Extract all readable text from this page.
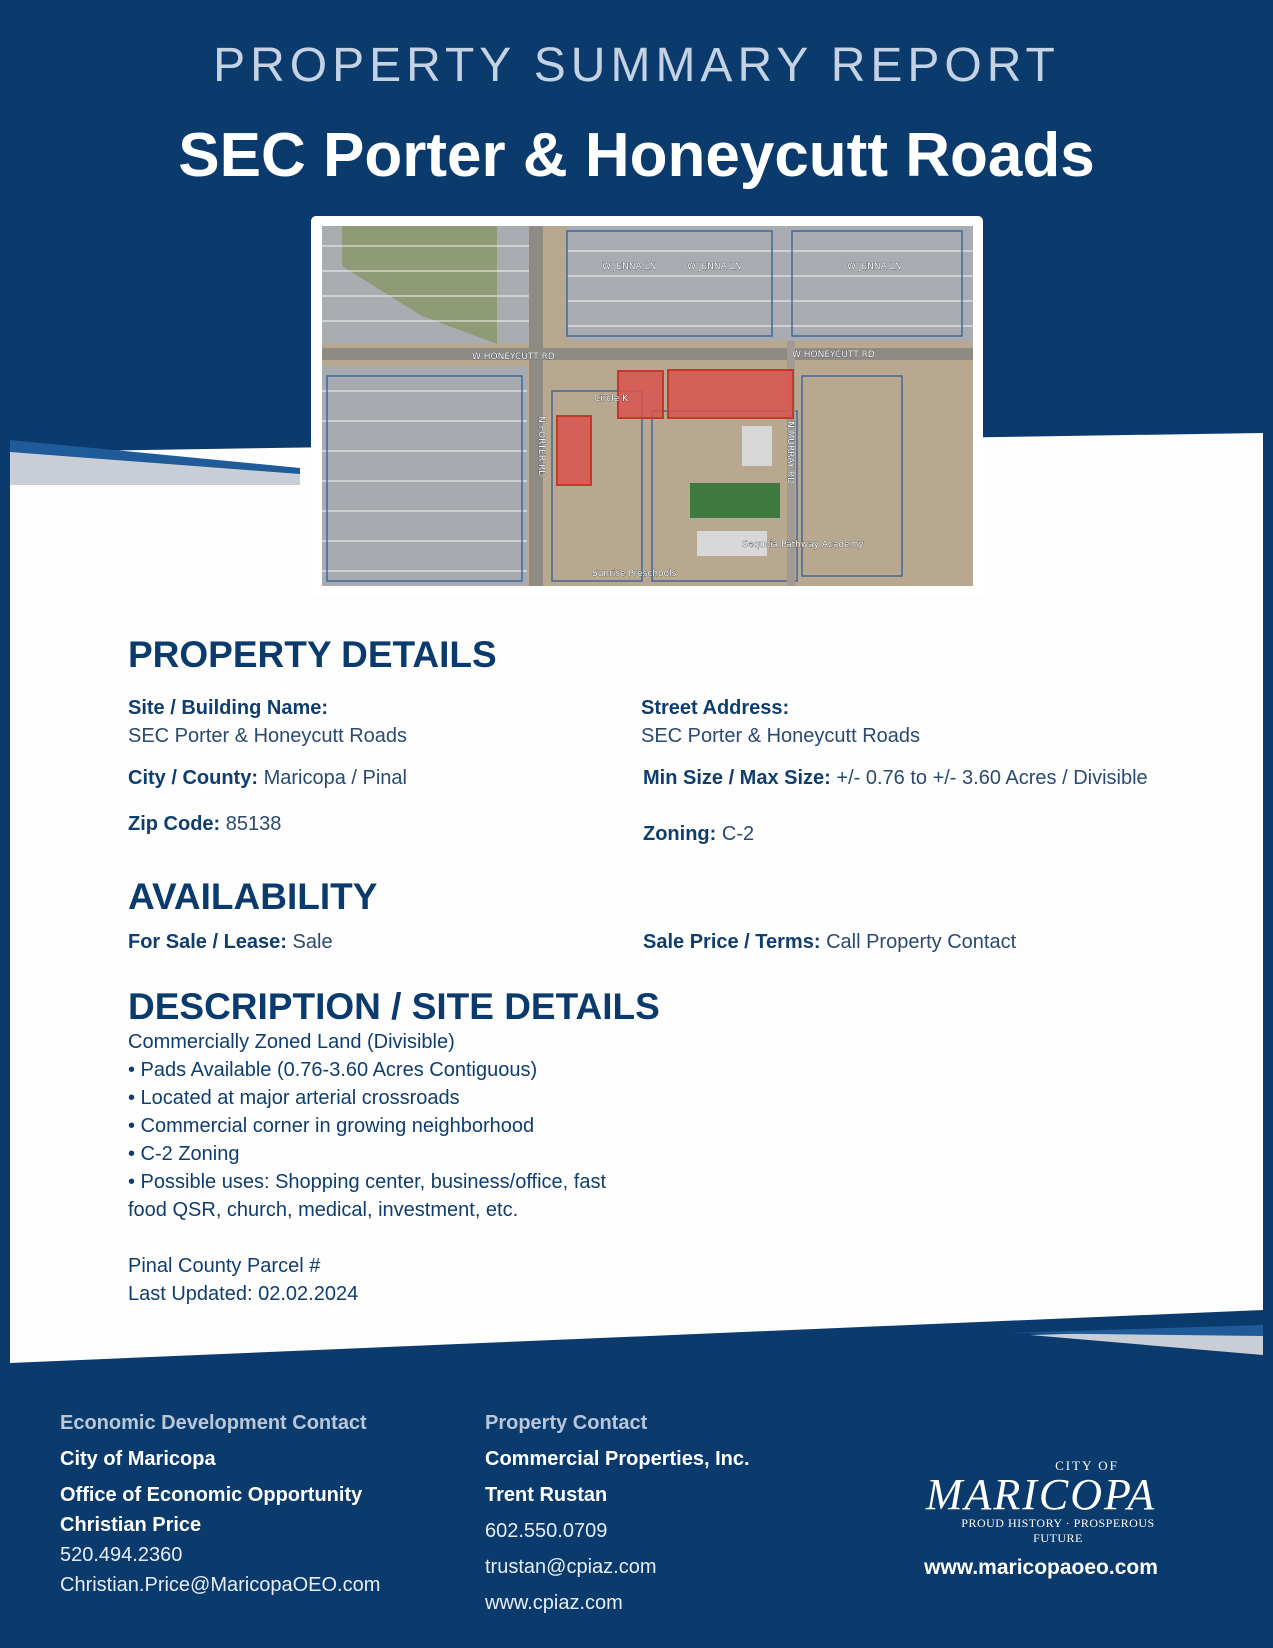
PROPERTY SUMMARY REPORT
SEC Porter & Honeycutt Roads
W HONEYCUTT RD	W HONEYCUTT RD
N PORTER RD	N MURRAY RD
W JENNA LN	W JENNA LN	W JENNA LN
Sequoia Pathway Academy
Sunrise Preschools
Circle K
PROPERTY DETAILS
Site / Building Name:
SEC Porter & Honeycutt Roads
Street Address:
SEC Porter & Honeycutt Roads
City / County: Maricopa / Pinal	Min Size / Max Size: +/- 0.76 to +/- 3.60 Acres / Divisible
Zip Code: 85138	Zoning: C-2
AVAILABILITY
For Sale / Lease: Sale	Sale Price / Terms: Call Property Contact
DESCRIPTION / SITE DETAILS
Commercially Zoned Land (Divisible)
• Pads Available (0.76-3.60 Acres Contiguous)
• Located at major arterial crossroads
• Commercial corner in growing neighborhood
• C-2 Zoning
• Possible uses: Shopping center, business/office, fast
food QSR, church, medical, investment, etc.
Pinal County Parcel #
Last Updated: 02.02.2024
Economic Development Contact
City of Maricopa
Office of Economic Opportunity
Christian Price
520.494.2360
Christian.Price@MaricopaOEO.com
Property Contact
Commercial Properties, Inc.
Trent Rustan
602.550.0709
trustan@cpiaz.com
www.cpiaz.com
CITY OF
MARICOPA
PROUD HISTORY · PROSPEROUS FUTURE
www.maricopaoeo.com
